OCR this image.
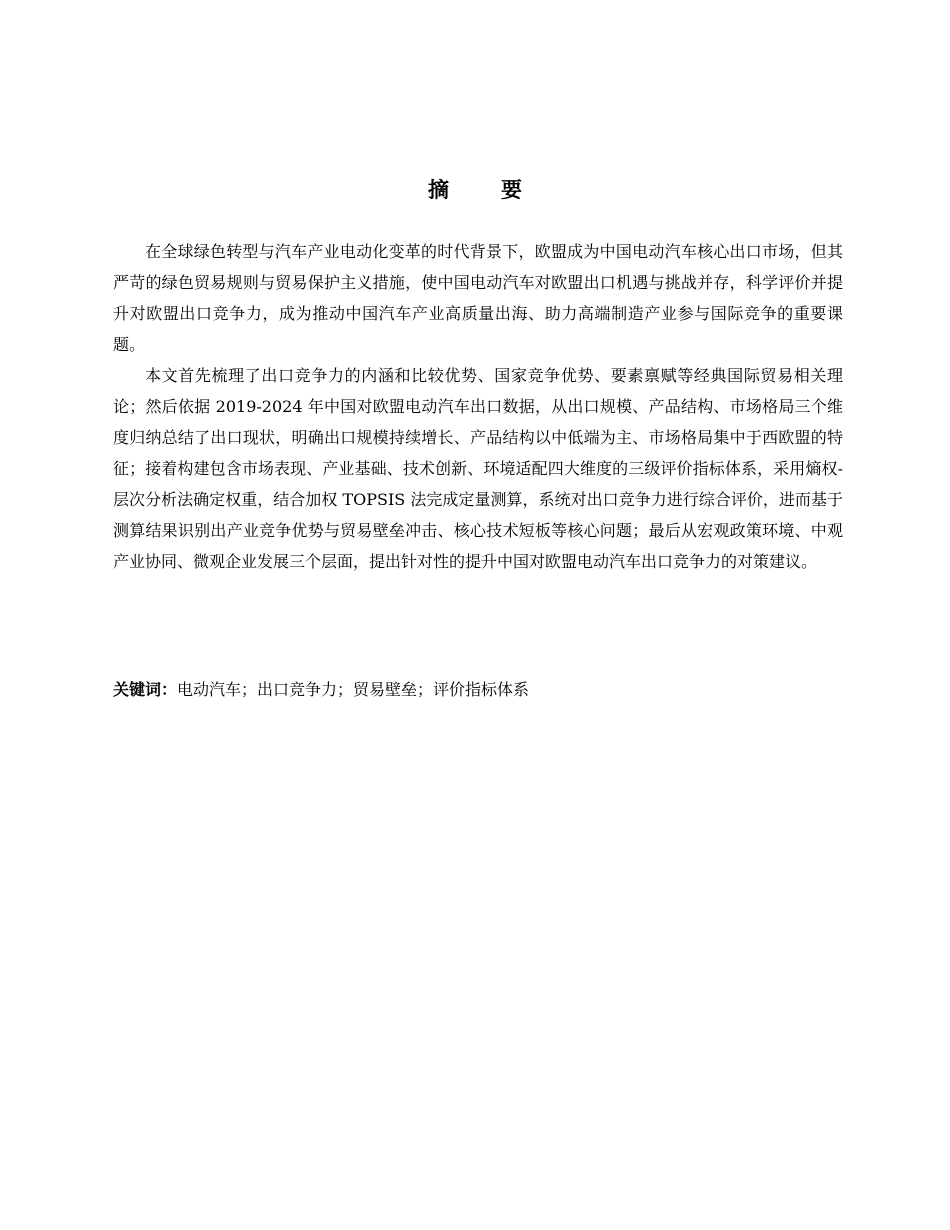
摘 要

在全球绿色转型与汽车产业电动化变革的时代背景下，欧盟成为中国电动汽车核心出口市场，但其严苛的绿色贸易规则与贸易保护主义措施，使中国电动汽车对欧盟出口机遇与挑战并存，科学评价并提升对欧盟出口竞争力，成为推动中国汽车产业高质量出海、助力高端制造产业参与国际竞争的重要课题。

本文首先梳理了出口竞争力的内涵和比较优势、国家竞争优势、要素禀赋等经典国际贸易相关理论；然后依据 2019-2024 年中国对欧盟电动汽车出口数据，从出口规模、产品结构、市场格局三个维度归纳总结了出口现状，明确出口规模持续增长、产品结构以中低端为主、市场格局集中于西欧盟的特征；接着构建包含市场表现、产业基础、技术创新、环境适配四大维度的三级评价指标体系，采用熵权-层次分析法确定权重，结合加权 TOPSIS 法完成定量测算，系统对出口竞争力进行综合评价，进而基于测算结果识别出产业竞争优势与贸易壁垒冲击、核心技术短板等核心问题；最后从宏观政策环境、中观产业协同、微观企业发展三个层面，提出针对性的提升中国对欧盟电动汽车出口竞争力的对策建议。

关键词：电动汽车；出口竞争力；贸易壁垒；评价指标体系
